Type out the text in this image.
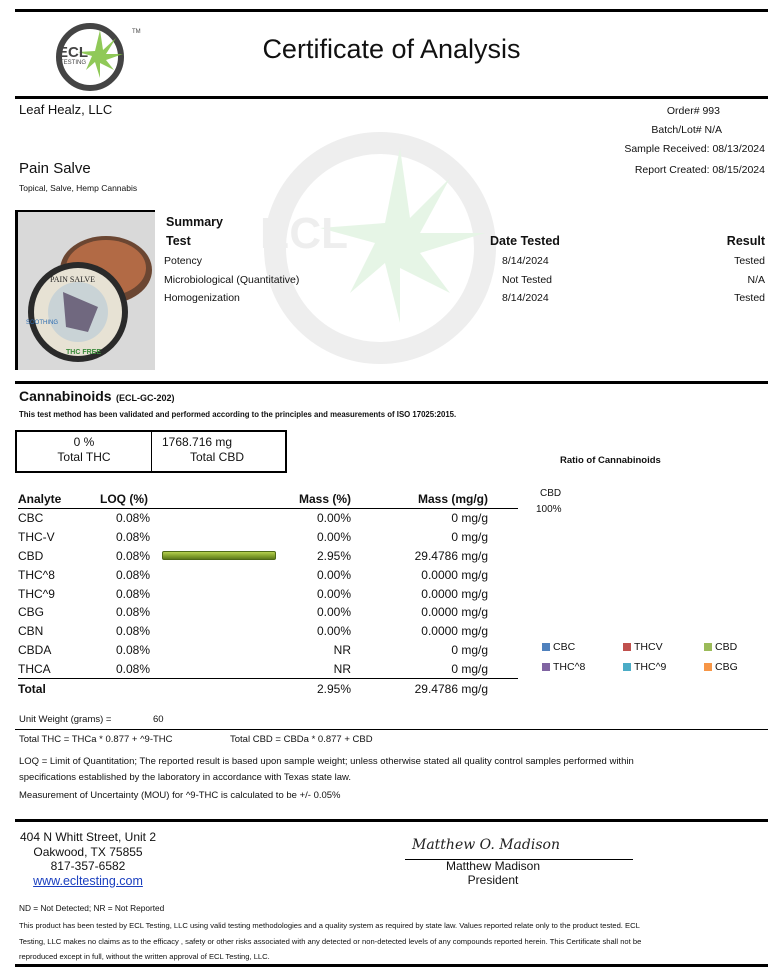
ECL
TESTING
TM
Certificate of Analysis
ECL
Leaf Healz, LLC
Pain Salve
Topical, Salve, Hemp Cannabis
Order# 993
Batch/Lot# N/A
Sample Received: 08/13/2024
Report Created: 08/15/2024
PAIN SALVE
SOOTHING
THC FREE
Summary
Test	Date Tested	Result
Potency	8/14/2024	Tested
Microbiological (Quantitative)	Not Tested	N/A
Homogenization	8/14/2024	Tested
Cannabinoids (ECL-GC-202)
This test method has been validated and performed according to the principles and measurements of ISO 17025:2015.
0 %
Total THC
1768.716 mg
Total CBD	Ratio of Cannabinoids
CBD
100%
Analyte	LOQ (%)		Mass (%)	Mass (mg/g)
CBC	0.08%		0.00%	0 mg/g
THC-V	0.08%		0.00%	0 mg/g
CBD	0.08%		2.95%	29.4786 mg/g
THC^8	0.08%		0.00%	0.0000 mg/g
THC^9	0.08%		0.00%	0.0000 mg/g
CBG	0.08%		0.00%	0.0000 mg/g
CBN	0.08%		0.00%	0.0000 mg/g
CBDA	0.08%		NR	0 mg/g
THCA	0.08%		NR	0 mg/g
Total			2.95%	29.4786 mg/g
CBC	THCV	CBD
THC^8	THC^9	CBG
Unit Weight (grams) =	60
Total THC = THCa * 0.877 + ^9-THC	Total CBD = CBDa * 0.877 + CBD
LOQ = Limit of Quantitation; The reported result is based upon sample weight; unless otherwise stated all quality control samples performed within
specifications established by the laboratory in accordance with Texas state law.
Measurement of Uncertainty (MOU) for ^9-THC is calculated to be +/- 0.05%
404 N Whitt Street, Unit 2
Oakwood, TX 75855
817-357-6582
www.ecltesting.com
Matthew O. Madison
Matthew Madison
President
ND = Not Detected; NR = Not Reported
This product has been tested by ECL Testing, LLC using valid testing methodologies and a quality system as required by state law. Values reported relate only to the product tested. ECL
Testing, LLC makes no claims as to the efficacy , safety or other risks associated with any detected or non-detected levels of any compounds reported herein. This Certificate shall not be
reproduced except in full, without the written approval of ECL Testing, LLC.
